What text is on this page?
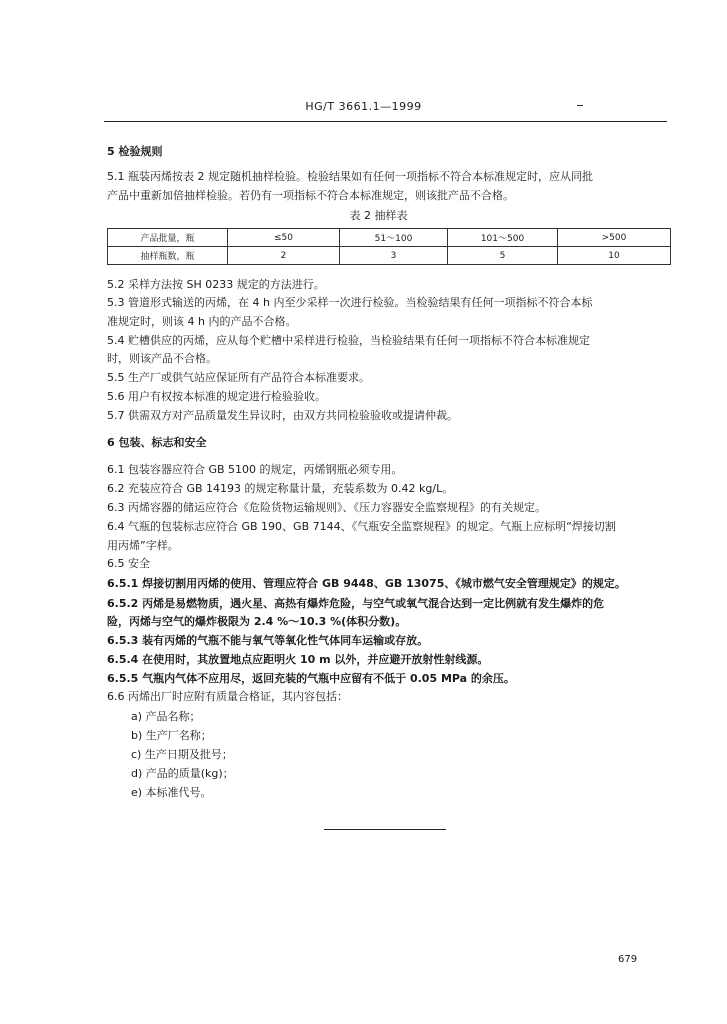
HG/T 3661.1—1999
5 检验规则
5.1 瓶装丙烯按表 2 规定随机抽样检验。检验结果如有任何一项指标不符合本标准规定时，应从同批
产品中重新加倍抽样检验。若仍有一项指标不符合本标准规定，则该批产品不合格。
表 2 抽样表
产品批量，瓶	≤50	51～100	101～500	>500
抽样瓶数，瓶	2	3	5	10
5.2 采样方法按 SH 0233 规定的方法进行。
5.3 管道形式输送的丙烯，在 4 h 内至少采样一次进行检验。当检验结果有任何一项指标不符合本标
准规定时，则该 4 h 内的产品不合格。
5.4 贮槽供应的丙烯，应从每个贮槽中采样进行检验，当检验结果有任何一项指标不符合本标准规定
时，则该产品不合格。
5.5 生产厂或供气站应保证所有产品符合本标准要求。
5.6 用户有权按本标准的规定进行检验验收。
5.7 供需双方对产品质量发生异议时，由双方共同检验验收或提请仲裁。
6 包装、标志和安全
6.1 包装容器应符合 GB 5100 的规定，丙烯钢瓶必须专用。
6.2 充装应符合 GB 14193 的规定称量计量，充装系数为 0.42 kg/L。
6.3 丙烯容器的储运应符合《危险货物运输规则》、《压力容器安全监察规程》的有关规定。
6.4 气瓶的包装标志应符合 GB 190、GB 7144、《气瓶安全监察规程》的规定。气瓶上应标明“焊接切割
用丙烯”字样。
6.5 安全
6.5.1 焊接切割用丙烯的使用、管理应符合 GB 9448、GB 13075、《城市燃气安全管理规定》的规定。
6.5.2 丙烯是易燃物质，遇火星、高热有爆炸危险，与空气或氧气混合达到一定比例就有发生爆炸的危
险，丙烯与空气的爆炸极限为 2.4 %～10.3 %(体积分数)。
6.5.3 装有丙烯的气瓶不能与氧气等氧化性气体同车运输或存放。
6.5.4 在使用时，其放置地点应距明火 10 m 以外，并应避开放射性射线源。
6.5.5 气瓶内气体不应用尽，返回充装的气瓶中应留有不低于 0.05 MPa 的余压。
6.6 丙烯出厂时应附有质量合格证，其内容包括：
a) 产品名称；
b) 生产厂名称；
c) 生产日期及批号；
d) 产品的质量(kg)；
e) 本标准代号。
679
